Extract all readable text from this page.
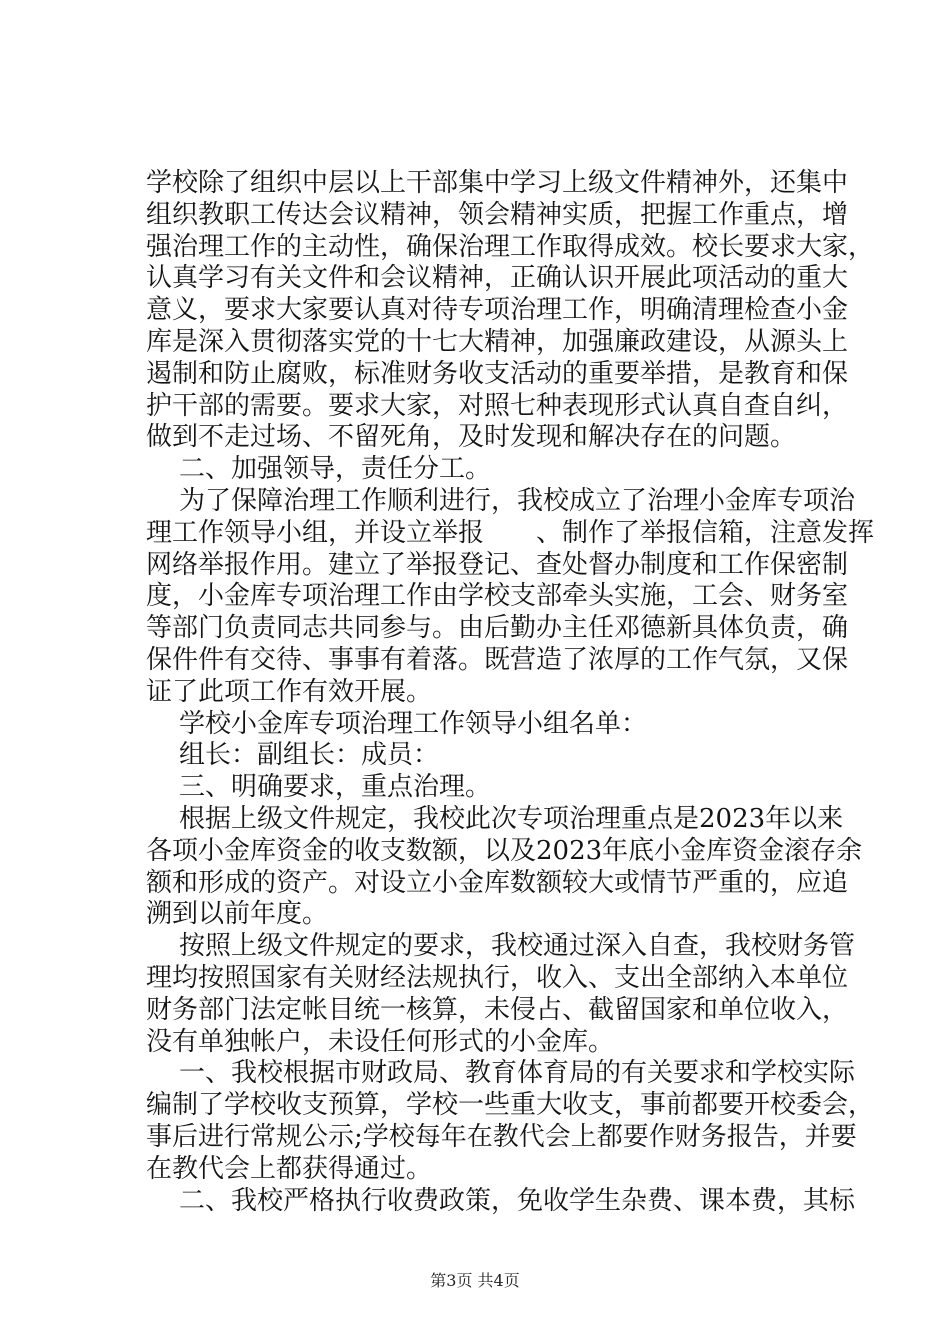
学校除了组织中层以上干部集中学习上级文件精神外，还集中
组织教职工传达会议精神，领会精神实质，把握工作重点，增
强治理工作的主动性，确保治理工作取得成效。校长要求大家，
认真学习有关文件和会议精神，正确认识开展此项活动的重大
意义，要求大家要认真对待专项治理工作，明确清理检查小金
库是深入贯彻落实党的十七大精神，加强廉政建设，从源头上
遏制和防止腐败，标准财务收支活动的重要举措，是教育和保
护干部的需要。要求大家，对照七种表现形式认真自查自纠，
做到不走过场、不留死角，及时发现和解决存在的问题。
二、加强领导，责任分工。
为了保障治理工作顺利进行，我校成立了治理小金库专项治
理工作领导小组，并设立举报　　、制作了举报信箱，注意发挥
网络举报作用。建立了举报登记、查处督办制度和工作保密制
度，小金库专项治理工作由学校支部牵头实施，工会、财务室
等部门负责同志共同参与。由后勤办主任邓德新具体负责，确
保件件有交待、事事有着落。既营造了浓厚的工作气氛，又保
证了此项工作有效开展。
学校小金库专项治理工作领导小组名单：
组长：副组长：成员：
三、明确要求，重点治理。
根据上级文件规定，我校此次专项治理重点是2023年以来
各项小金库资金的收支数额，以及2023年底小金库资金滚存余
额和形成的资产。对设立小金库数额较大或情节严重的，应追
溯到以前年度。
按照上级文件规定的要求，我校通过深入自查，我校财务管
理均按照国家有关财经法规执行，收入、支出全部纳入本单位
财务部门法定帐目统一核算，未侵占、截留国家和单位收入，
没有单独帐户，未设任何形式的小金库。
一、我校根据市财政局、教育体育局的有关要求和学校实际
编制了学校收支预算，学校一些重大收支，事前都要开校委会，
事后进行常规公示;学校每年在教代会上都要作财务报告，并要
在教代会上都获得通过。
二、我校严格执行收费政策，免收学生杂费、课本费，其标
第3页 共4页
